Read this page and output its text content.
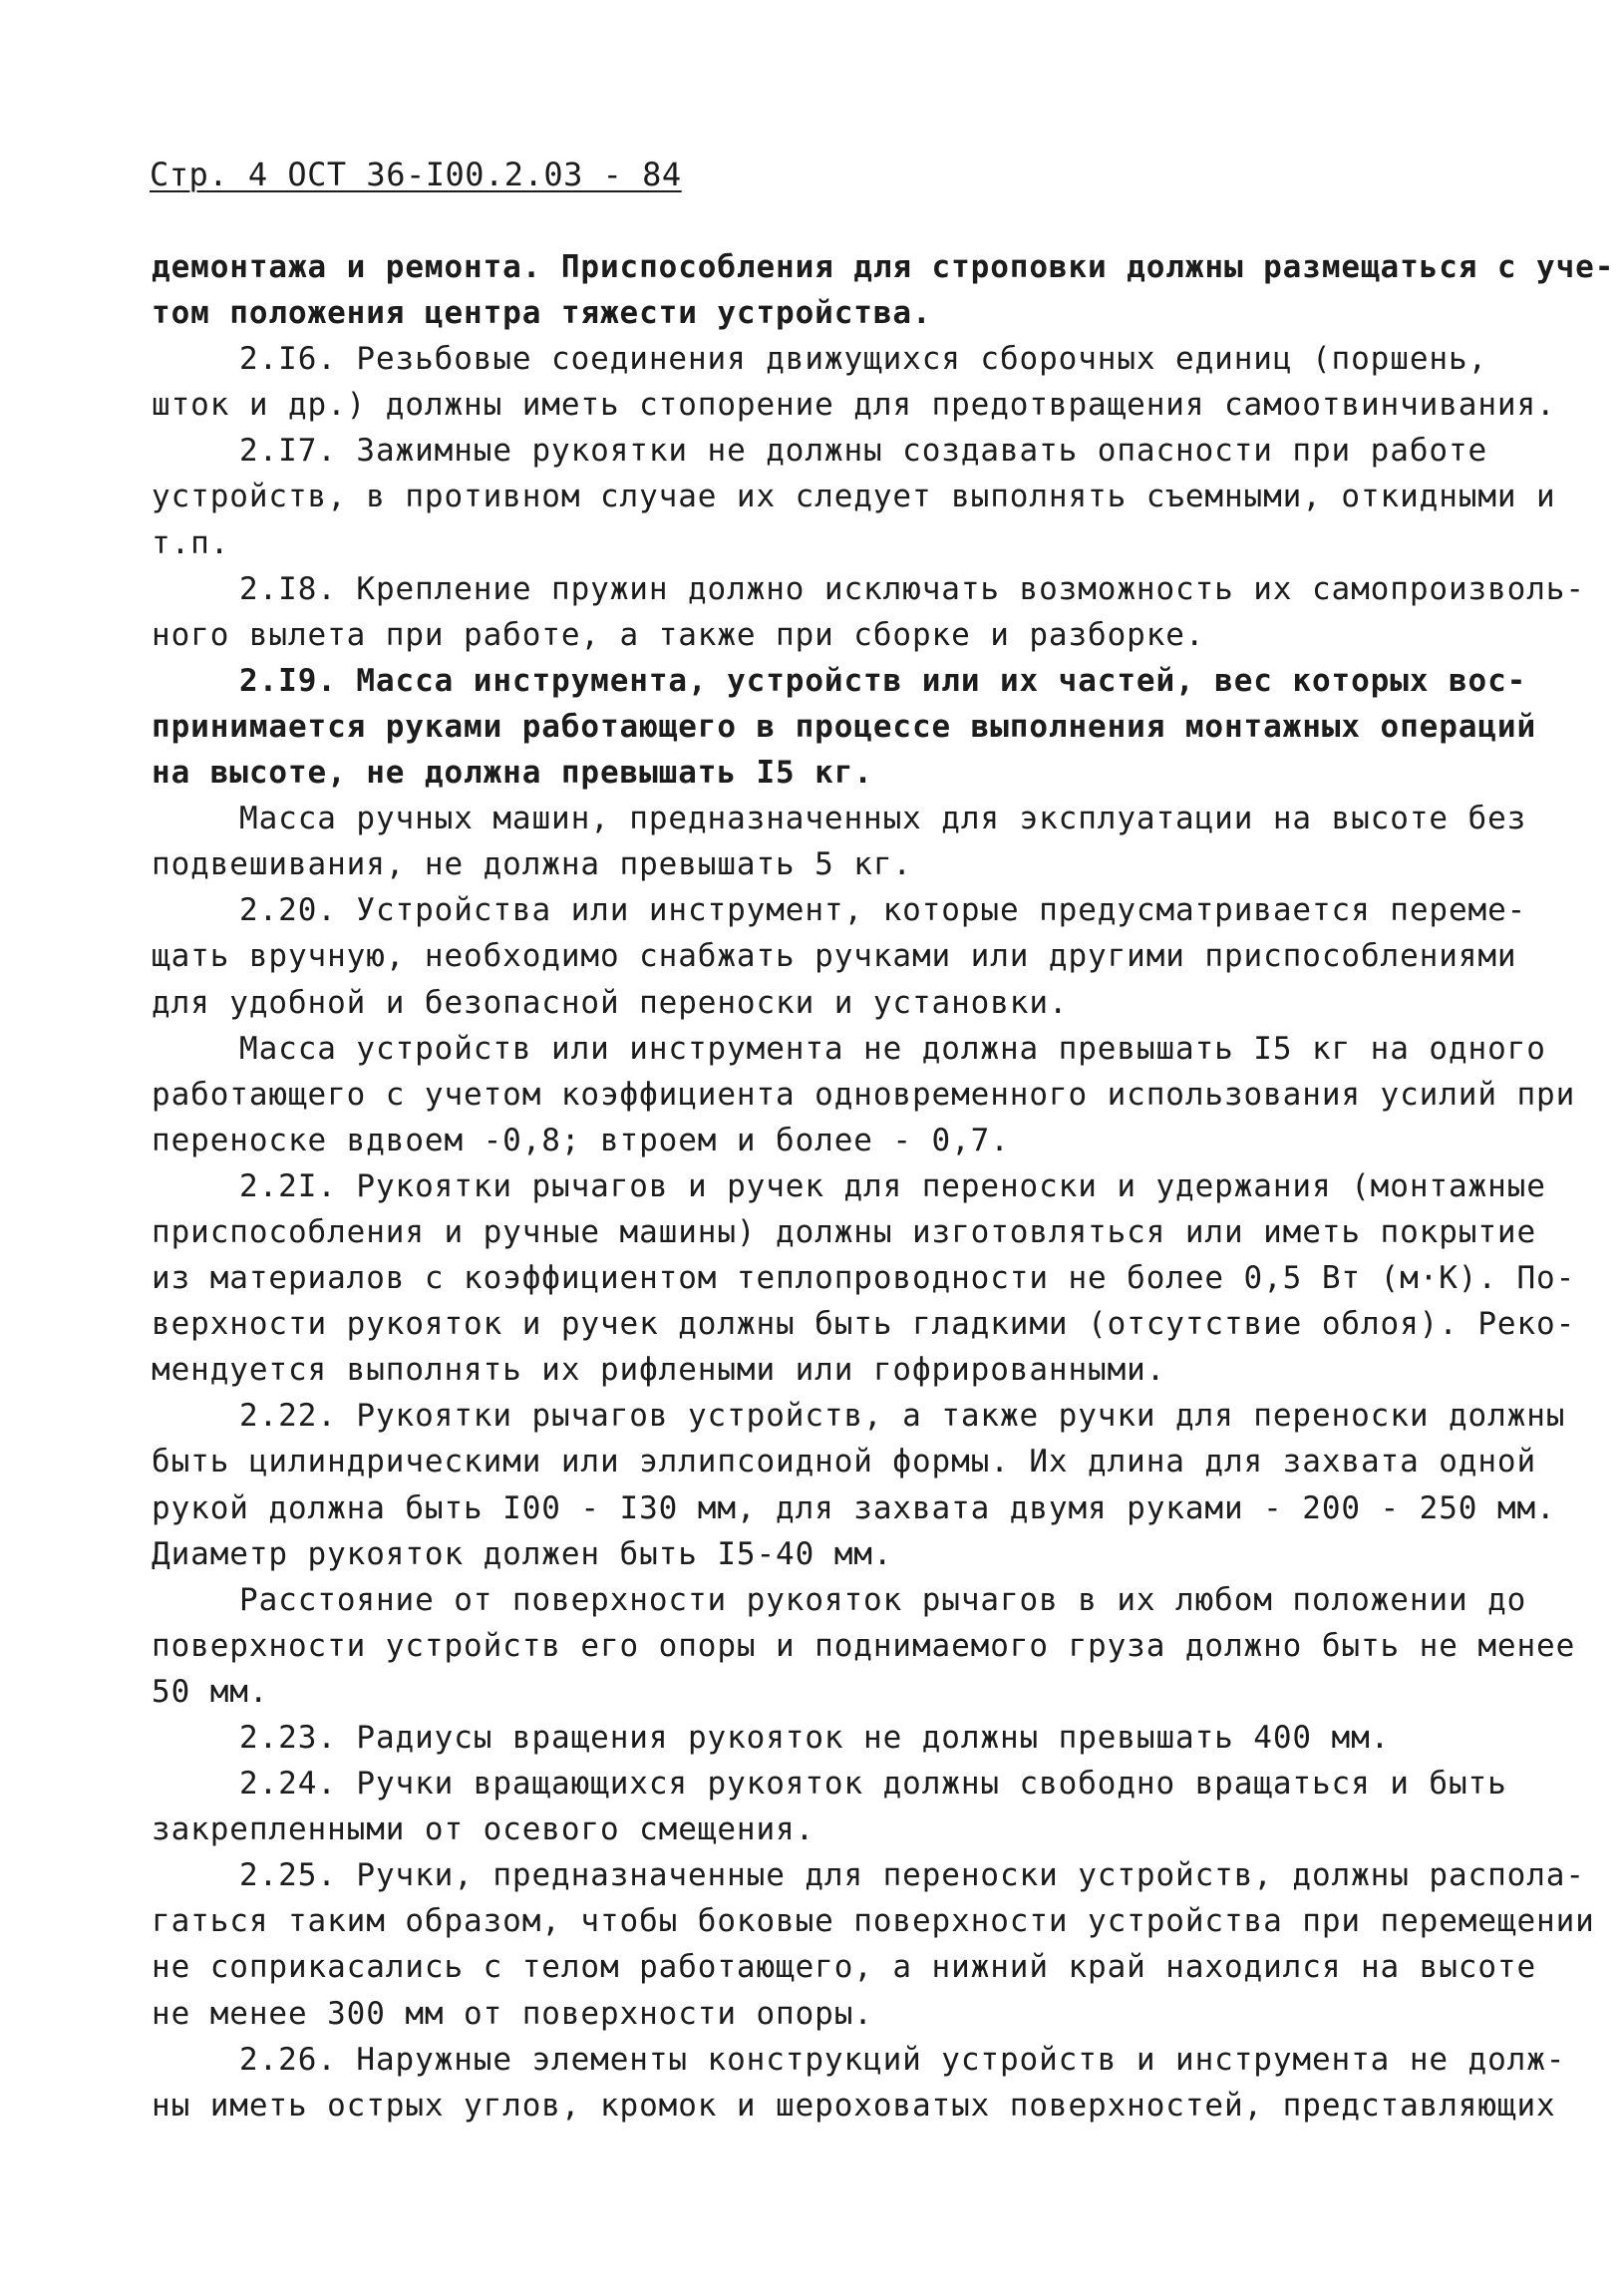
Стр. 4 ОСТ 36-I00.2.03 - 84
демонтажа и ремонта. Приспособления для строповки должны размещаться с уче-
том положения центра тяжести устройства.
2.I6. Резьбовые соединения движущихся сборочных единиц (поршень,
шток и др.) должны иметь стопорение для предотвращения самоотвинчивания.
2.I7. Зажимные рукоятки не должны создавать опасности при работе
устройств, в противном случае их следует выполнять съемными, откидными и
т.п.
2.I8. Крепление пружин должно исключать возможность их самопроизволь-
ного вылета при работе, а также при сборке и разборке.
2.I9. Масса инструмента, устройств или их частей, вес которых вос-
принимается руками работающего в процессе выполнения монтажных операций
на высоте, не должна превышать I5 кг.
Масса ручных машин, предназначенных для эксплуатации на высоте без
подвешивания, не должна превышать 5 кг.
2.20. Устройства или инструмент, которые предусматривается переме-
щать вручную, необходимо снабжать ручками или другими приспособлениями
для удобной и безопасной переноски и установки.
Масса устройств или инструмента не должна превышать I5 кг на одного
работающего с учетом коэффициента одновременного использования усилий при
переноске вдвоем -0,8; втроем и более - 0,7.
2.2I. Рукоятки рычагов и ручек для переноски и удержания (монтажные
приспособления и ручные машины) должны изготовляться или иметь покрытие
из материалов с коэффициентом теплопроводности не более 0,5 Вт (м·К). По-
верхности рукояток и ручек должны быть гладкими (отсутствие облоя). Реко-
мендуется выполнять их рифлеными или гофрированными.
2.22. Рукоятки рычагов устройств, а также ручки для переноски должны
быть цилиндрическими или эллипсоидной формы. Их длина для захвата одной
рукой должна быть I00 - I30 мм, для захвата двумя руками - 200 - 250 мм.
Диаметр рукояток должен быть I5-40 мм.
Расстояние от поверхности рукояток рычагов в их любом положении до
поверхности устройств его опоры и поднимаемого груза должно быть не менее
50 мм.
2.23. Радиусы вращения рукояток не должны превышать 400 мм.
2.24. Ручки вращающихся рукояток должны свободно вращаться и быть
закрепленными от осевого смещения.
2.25. Ручки, предназначенные для переноски устройств, должны распола-
гаться таким образом, чтобы боковые поверхности устройства при перемещении
не соприкасались с телом работающего, а нижний край находился на высоте
не менее 300 мм от поверхности опоры.
2.26. Наружные элементы конструкций устройств и инструмента не долж-
ны иметь острых углов, кромок и шероховатых поверхностей, представляющих
